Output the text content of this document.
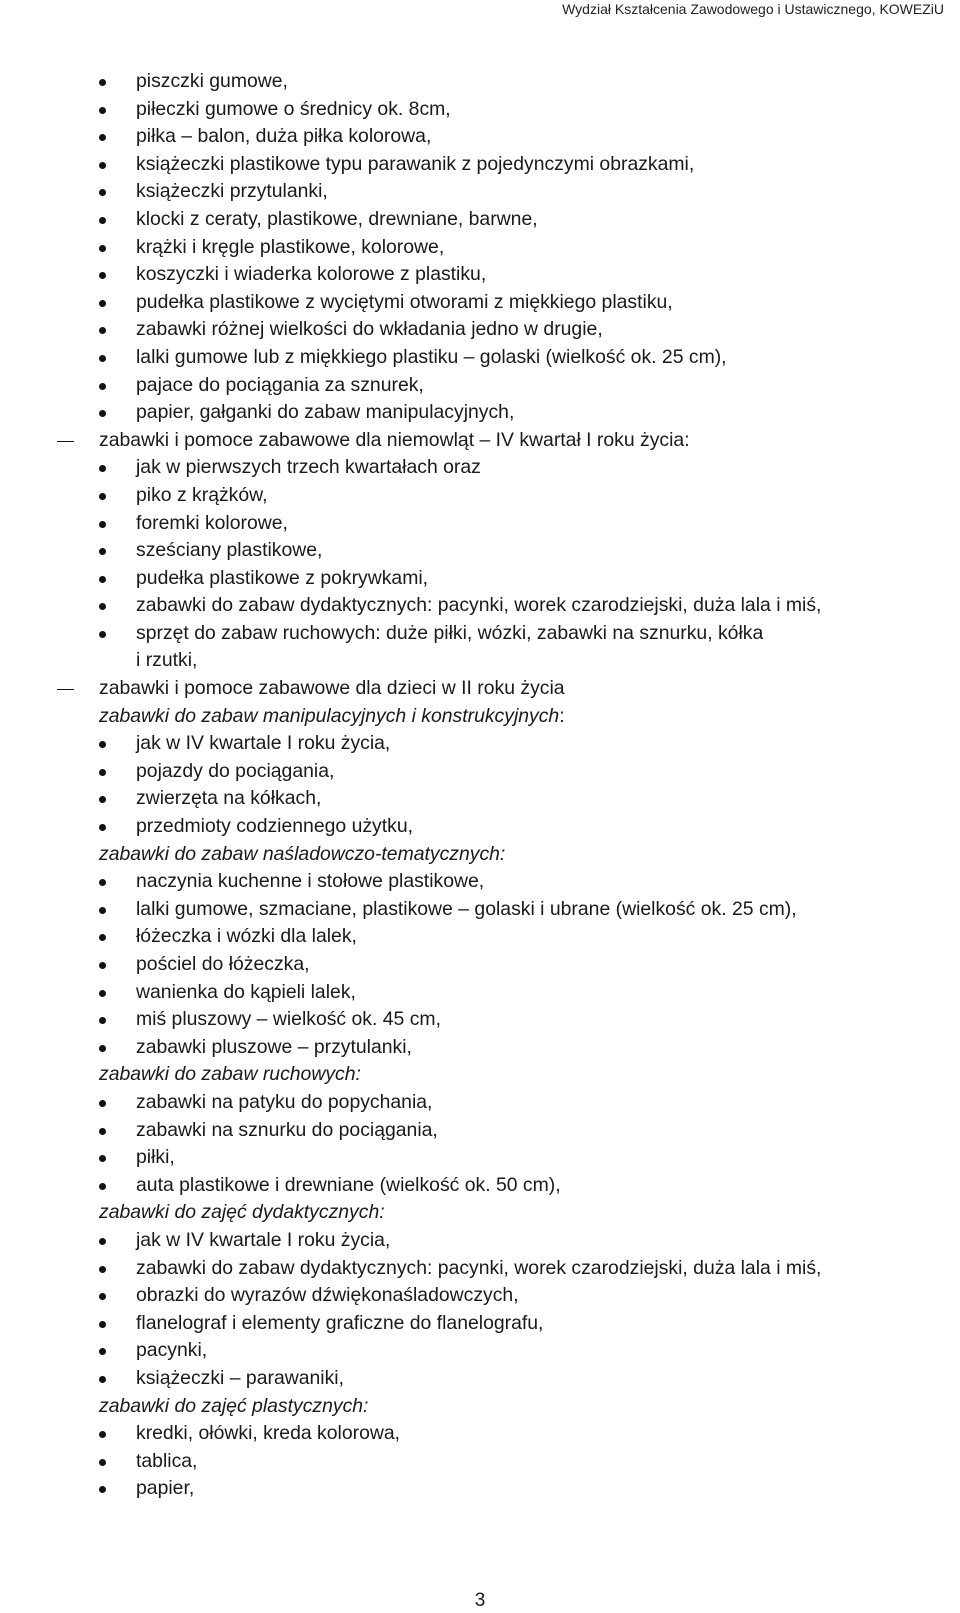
Wydział Kształcenia Zawodowego i Ustawicznego, KOWEZiU
piszczki gumowe,
piłeczki gumowe o średnicy ok. 8cm,
piłka – balon, duża piłka kolorowa,
książeczki plastikowe typu parawanik z pojedynczymi obrazkami,
książeczki przytulanki,
klocki z ceraty, plastikowe, drewniane, barwne,
krążki i kręgle plastikowe, kolorowe,
koszyczki i wiaderka kolorowe z plastiku,
pudełka plastikowe z wyciętymi otworami z miękkiego plastiku,
zabawki różnej wielkości do wkładania jedno w drugie,
lalki gumowe lub z miękkiego plastiku – golaski (wielkość ok. 25 cm),
pajace do pociągania za sznurek,
papier, gałganki do zabaw manipulacyjnych,
zabawki i pomoce zabawowe dla niemowląt – IV kwartał I roku życia:
jak w pierwszych trzech kwartałach oraz
piko z krążków,
foremki kolorowe,
sześciany plastikowe,
pudełka plastikowe z pokrywkami,
zabawki do zabaw dydaktycznych: pacynki, worek czarodziejski, duża lala i miś,
sprzęt do zabaw ruchowych: duże piłki, wózki, zabawki na sznurku, kółka
i rzutki,
zabawki i pomoce zabawowe dla dzieci w II roku życia
zabawki do zabaw manipulacyjnych i konstrukcyjnych:
jak w IV kwartale I roku życia,
pojazdy do pociągania,
zwierzęta na kółkach,
przedmioty codziennego użytku,
zabawki do zabaw naśladowczo-tematycznych:
naczynia kuchenne i stołowe plastikowe,
lalki gumowe, szmaciane, plastikowe – golaski i ubrane (wielkość ok. 25 cm),
łóżeczka i wózki dla lalek,
pościel do łóżeczka,
wanienka do kąpieli lalek,
miś pluszowy – wielkość ok. 45 cm,
zabawki pluszowe – przytulanki,
zabawki do zabaw ruchowych:
zabawki na patyku do popychania,
zabawki na sznurku do pociągania,
piłki,
auta plastikowe i drewniane (wielkość ok. 50 cm),
zabawki do zajęć dydaktycznych:
jak w IV kwartale I roku życia,
zabawki do zabaw dydaktycznych: pacynki, worek czarodziejski, duża lala i miś,
obrazki do wyrazów dźwiękonaśladowczych,
flanelograf i elementy graficzne do flanelografu,
pacynki,
książeczki – parawaniki,
zabawki do zajęć plastycznych:
kredki, ołówki, kreda kolorowa,
tablica,
papier,
3
